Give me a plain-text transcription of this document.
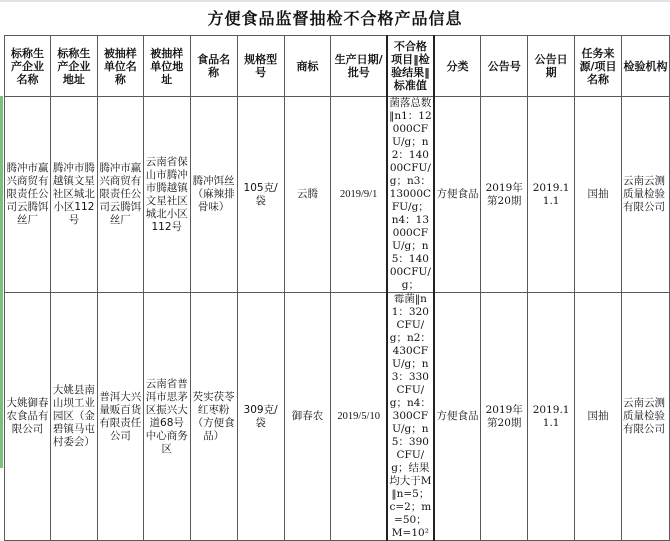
方便食品监督抽检不合格产品信息
标称生产企业名称	标称生产企业地址	被抽样单位名称	被抽样单位地址	食品名称	规格型号	商标	生产日期/批号	不合格项目‖检验结果‖标准值	分类	公告号	公告日期	任务来源/项目名称	检验机构
腾冲市赢兴商贸有限责任公司云腾饵丝厂	腾冲市腾越镇文星社区城北小区112号	腾冲市赢兴商贸有限责任公司云腾饵丝厂	云南省保山市腾冲市腾越镇文星社区城北小区112号	腾冲饵丝（麻辣排骨味）	105克/袋	云腾	2019/9/1	菌落总数‖n1：12000CFU/g；n2：14000CFU/g；n3：13000CFU/g；n4：13000CFU/g；n5：14000CFU/g；	方便食品	2019年第20期	2019.11.1	国抽	云南云测质量检验有限公司
大姚御春农食品有限公司	大姚县南山坝工业园区（金碧镇马屯村委会）	普洱大兴量贩百货有限责任公司	云南省普洱市思茅区振兴大道68号中心商务区	芡实茯苓红枣粉（方便食品）	309克/袋	御春农	2019/5/10	霉菌‖n1：320CFU/g；n2：430CFU/g；n3：330CFU/g；n4：300CFU/g；n5：390CFU/g；结果均大于M‖n=5；c=2；m=50；M=10²	方便食品	2019年第20期	2019.11.1	国抽	云南云测质量检验有限公司
